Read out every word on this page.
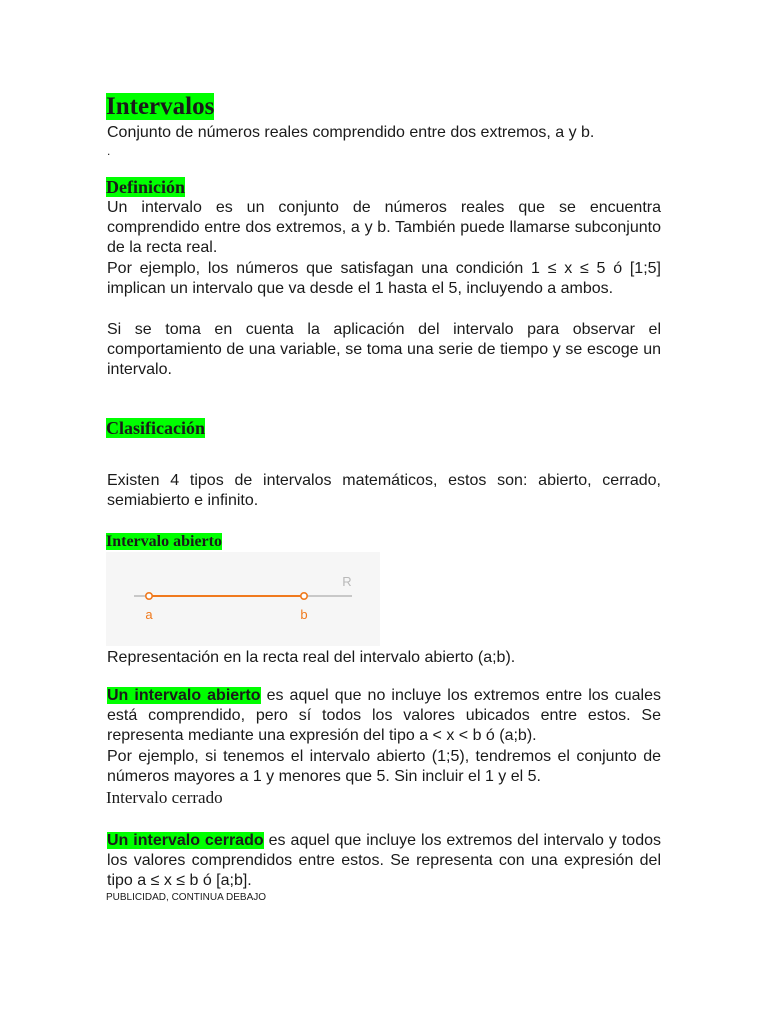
Intervalos
Conjunto de números reales comprendido entre dos extremos, a y b.
.
Definición
Un intervalo es un conjunto de números reales que se encuentra comprendido entre dos extremos, a y b. También puede llamarse subconjunto de la recta real.
Por ejemplo, los números que satisfagan una condición 1 ≤ x ≤ 5 ó [1;5] implican un intervalo que va desde el 1 hasta el 5, incluyendo a ambos.
Si se toma en cuenta la aplicación del intervalo para observar el comportamiento de una variable, se toma una serie de tiempo y se escoge un intervalo.
Clasificación
Existen 4 tipos de intervalos matemáticos, estos son: abierto, cerrado, semiabierto e infinito.
Intervalo abierto
a	b
R
Representación en la recta real del intervalo abierto (a;b).
Un intervalo abierto es aquel que no incluye los extremos entre los cuales está comprendido, pero sí todos los valores ubicados entre estos. Se representa mediante una expresión del tipo a < x < b ó (a;b).
Por ejemplo, si tenemos el intervalo abierto (1;5), tendremos el conjunto de números mayores a 1 y menores que 5. Sin incluir el 1 y el 5.
Intervalo cerrado
Un intervalo cerrado es aquel que incluye los extremos del intervalo y todos los valores comprendidos entre estos. Se representa con una expresión del tipo a ≤ x ≤ b ó [a;b].
PUBLICIDAD, CONTINUA DEBAJO
